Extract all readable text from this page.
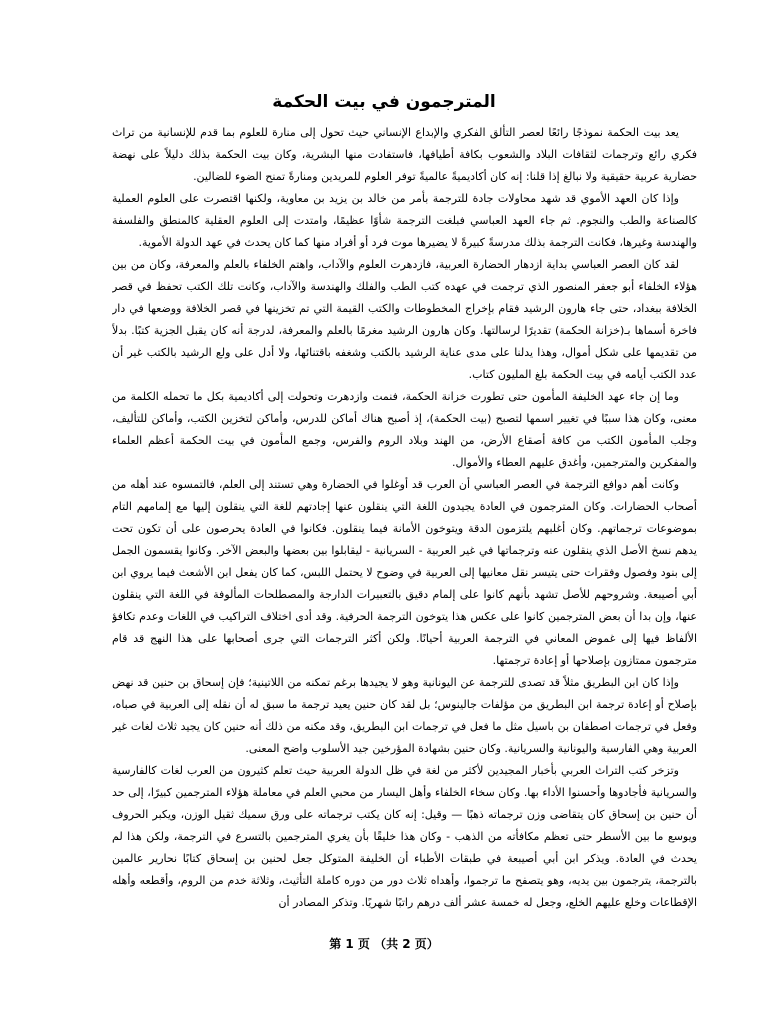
المترجمون في بيت الحكمة

يعد بيت الحكمة نموذجًا رائعًا لعصر التألق الفكري والإبداع الإنساني حيث تحول إلى منارة للعلوم بما قدم للإنسانية من تراث فكري رائع وترجمات لثقافات البلاد والشعوب بكافة أطيافها، فاستفادت منها البشرية، وكان بيت الحكمة بذلك دليلاً على نهضة حضارية عربية حقيقية ولا نبالغ إذا قلنا: إنه كان أكاديميةً عالميةً توفر العلوم للمريدين ومنارةً تمنح الضوء للضالين.

وإذا كان العهد الأموي قد شهد محاولات جادة للترجمة بأمر من خالد بن يزيد بن معاوية، ولكنها اقتصرت على العلوم العملية كالصناعة والطب والنجوم. ثم جاء العهد العباسي فبلغت الترجمة شأوًا عظيمًا، وامتدت إلى العلوم العقلية كالمنطق والفلسفة والهندسة وغيرها، فكانت الترجمة بذلك مدرسةً كبيرةً لا يضيرها موت فرد أو أفراد منها كما كان يحدث في عهد الدولة الأموية.

لقد كان العصر العباسي بداية ازدهار الحضارة العربية، فازدهرت العلوم والآداب، واهتم الخلفاء بالعلم والمعرفة، وكان من بين هؤلاء الخلفاء أبو جعفر المنصور الذي ترجمت في عهده كتب الطب والفلك والهندسة والآداب، وكانت تلك الكتب تحفظ في قصر الخلافة ببغداد، حتى جاء هارون الرشيد فقام بإخراج المخطوطات والكتب القيمة التي تم تخزينها في قصر الخلافة ووضعها في دار فاخرة أسماها بـ(خزانة الحكمة) تقديرًا لرسالتها. وكان هارون الرشيد مغرمًا بالعلم والمعرفة، لدرجة أنه كان يقبل الجزية كتبًا. بدلاً من تقديمها على شكل أموال، وهذا يدلنا على مدى عناية الرشيد بالكتب وشغفه باقتنائها، ولا أدل على ولع الرشيد بالكتب غير أن عدد الكتب أيامه في بيت الحكمة بلغ المليون كتاب.

وما إن جاء عهد الخليفة المأمون حتى تطورت خزانة الحكمة، فنمت وازدهرت وتحولت إلى أكاديمية بكل ما تحمله الكلمة من معنى، وكان هذا سببًا في تغيير اسمها لتصبح (بيت الحكمة)، إذ أصبح هناك أماكن للدرس، وأماكن لتخزين الكتب، وأماكن للتأليف، وجلب المأمون الكتب من كافة أصقاع الأرض، من الهند وبلاد الروم والفرس، وجمع المأمون في بيت الحكمة أعظم العلماء والمفكرين والمترجمين، وأغدق عليهم العطاء والأموال.

وكانت أهم دوافع الترجمة في العصر العباسي أن العرب قد أوغلوا في الحضارة وهي تستند إلى العلم، فالتمسوه عند أهله من أصحاب الحضارات. وكان المترجمون في العادة يجيدون اللغة التي ينقلون عنها إجادتهم للغة التي ينقلون إليها مع إلمامهم التام بموضوعات ترجماتهم. وكان أغلبهم يلتزمون الدقة ويتوخون الأمانة فيما ينقلون. فكانوا في العادة يحرصون على أن تكون تحت يدهم نسخ الأصل الذي ينقلون عنه وترجماتها في غير العربية - السريانية - ليقابلوا بين بعضها والبعض الآخر. وكانوا يقسمون الجمل إلى بنود وفصول وفقرات حتى يتيسر نقل معانيها إلى العربية في وضوح لا يحتمل اللبس، كما كان يفعل ابن الأشعث فيما يروي ابن أبي أصيبعة. وشروحهم للأصل تشهد بأنهم كانوا على إلمام دقيق بالتعبيرات الدارجة والمصطلحات المألوفة في اللغة التي ينقلون عنها، وإن بدا أن بعض المترجمين كانوا على عكس هذا يتوخون الترجمة الحرفية. وقد أدى اختلاف التراكيب في اللغات وعدم تكافؤ الألفاظ فيها إلى غموض المعاني في الترجمة العربية أحيانًا. ولكن أكثر الترجمات التي جرى أصحابها على هذا النهج قد قام مترجمون ممتازون بإصلاحها أو إعادة ترجمتها.

وإذا كان ابن البطريق مثلاً قد تصدى للترجمة عن اليونانية وهو لا يجيدها برغم تمكنه من اللاتينية؛ فإن إسحاق بن حنين قد نهض بإصلاح أو إعادة ترجمة ابن البطريق من مؤلفات جالينوس؛ بل لقد كان حنين يعيد ترجمة ما سبق له أن نقله إلى العربية في صباه، وفعل في ترجمات اصطفان بن باسيل مثل ما فعل في ترجمات ابن البطريق، وقد مكنه من ذلك أنه حنين كان يجيد ثلاث لغات غير العربية وهي الفارسية واليونانية والسريانية. وكان حنين بشهادة المؤرخين جيد الأسلوب واضح المعنى.

وتزخر كتب التراث العربي بأخبار المجيدين لأكثر من لغة في ظل الدولة العربية حيث تعلم كثيرون من العرب لغات كالفارسية والسريانية فأجادوها وأحسنوا الأداء بها. وكان سخاء الخلفاء وأهل اليسار من محبي العلم في معاملة هؤلاء المترجمين كبيرًا، إلى حد أن حنين بن إسحاق كان يتقاضى وزن ترجماته ذهبًا — وقيل: إنه كان يكتب ترجماته على ورق سميك ثقيل الوزن، ويكبر الحروف ويوسع ما بين الأسطر حتى تعظم مكافأته من الذهب - وكان هذا خليقًا بأن يغري المترجمين بالتسرع في الترجمة، ولكن هذا لم يحدث في العادة. ويذكر ابن أبي أصيبعة في طبقات الأطباء أن الخليفة المتوكل جعل لحنين بن إسحاق كتابًا نحارير عالمين بالترجمة، يترجمون بين يديه، وهو يتصفح ما ترجموا، وأهداه ثلاث دور من دوره كاملة التأثيث، وثلاثة خدم من الروم، وأقطعه وأهله الإقطاعات وخلع عليهم الخلع، وجعل له خمسة عشر ألف درهم راتبًا شهريًا. وتذكر المصادر أن

第 1 页 （共 2 页）
